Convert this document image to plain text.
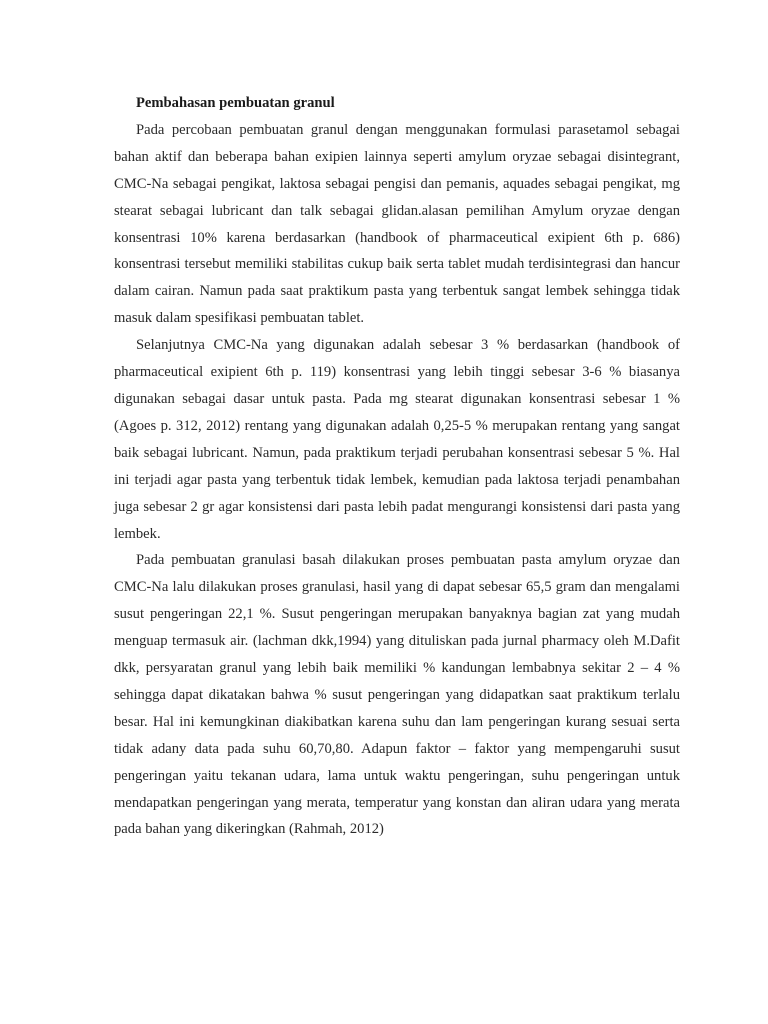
Pembahasan pembuatan granul

Pada percobaan pembuatan granul dengan menggunakan formulasi parasetamol sebagai bahan aktif dan beberapa bahan exipien lainnya seperti amylum oryzae sebagai disintegrant, CMC-Na sebagai pengikat, laktosa sebagai pengisi dan pemanis, aquades sebagai pengikat, mg stearat sebagai lubricant dan talk sebagai glidan.alasan pemilihan Amylum oryzae dengan konsentrasi 10% karena berdasarkan (handbook of pharmaceutical exipient 6th p. 686) konsentrasi tersebut memiliki stabilitas cukup baik serta tablet mudah terdisintegrasi dan hancur dalam cairan. Namun pada saat praktikum pasta yang terbentuk sangat lembek sehingga tidak masuk dalam spesifikasi pembuatan tablet.

Selanjutnya CMC-Na yang digunakan adalah sebesar 3 % berdasarkan (handbook of pharmaceutical exipient 6th p. 119) konsentrasi yang lebih tinggi sebesar 3-6 % biasanya digunakan sebagai dasar untuk pasta. Pada mg stearat digunakan konsentrasi sebesar 1 % (Agoes p. 312, 2012) rentang yang digunakan adalah 0,25-5 % merupakan rentang yang sangat baik sebagai lubricant. Namun, pada praktikum terjadi perubahan konsentrasi sebesar 5 %. Hal ini terjadi agar pasta yang terbentuk tidak lembek, kemudian pada laktosa terjadi penambahan juga sebesar 2 gr agar konsistensi dari pasta lebih padat mengurangi konsistensi dari pasta yang lembek.

Pada pembuatan granulasi basah dilakukan proses pembuatan pasta amylum oryzae dan CMC-Na lalu dilakukan proses granulasi, hasil yang di dapat sebesar 65,5 gram dan mengalami susut pengeringan 22,1 %. Susut pengeringan merupakan banyaknya bagian zat yang mudah menguap termasuk air. (lachman dkk,1994) yang dituliskan pada jurnal pharmacy oleh M.Dafit dkk, persyaratan granul yang lebih baik memiliki % kandungan lembabnya sekitar 2 – 4 % sehingga dapat dikatakan bahwa % susut pengeringan yang didapatkan saat praktikum terlalu besar. Hal ini kemungkinan diakibatkan karena suhu dan lam pengeringan kurang sesuai serta tidak adany data pada suhu 60,70,80. Adapun faktor – faktor yang mempengaruhi susut pengeringan yaitu tekanan udara, lama untuk waktu pengeringan, suhu pengeringan untuk mendapatkan pengeringan yang merata, temperatur yang konstan dan aliran udara yang merata pada bahan yang dikeringkan (Rahmah, 2012)
